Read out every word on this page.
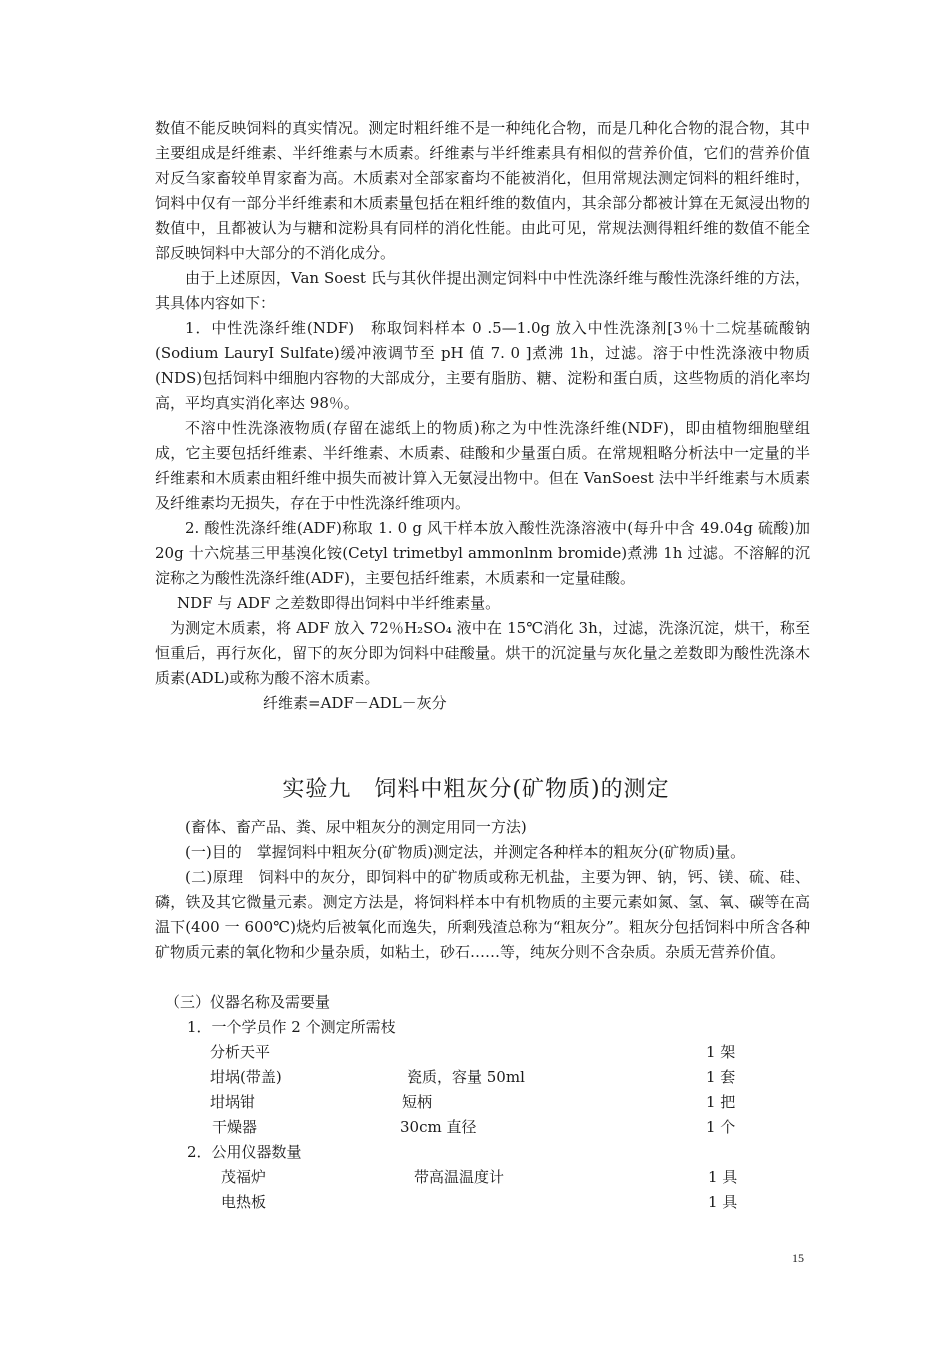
数值不能反映饲料的真实情况。测定时粗纤维不是一种纯化合物，而是几种化合物的混合物，其中主要组成是纤维素、半纤维素与木质素。纤维素与半纤维素具有相似的营养价值，它们的营养价值对反刍家畜较单胃家畜为高。木质素对全部家畜均不能被消化，但用常规法测定饲料的粗纤维时，饲料中仅有一部分半纤维素和木质素量包括在粗纤维的数值内，其余部分都被计算在无氮浸出物的数值中，且都被认为与糖和淀粉具有同样的消化性能。由此可见，常规法测得粗纤维的数值不能全部反映饲料中大部分的不消化成分。

由于上述原因，Van Soest 氏与其伙伴提出测定饲料中中性洗涤纤维与酸性洗涤纤维的方法，其具体内容如下：

1．中性洗涤纤维(NDF)　称取饲料样本 0 .5—1.0g 放入中性洗涤剂[3％十二烷基硫酸钠(Sodium LauryI Sulfate)缓冲液调节至 pH 值 7. 0 ]煮沸 1h，过滤。溶于中性洗涤液中物质(NDS)包括饲料中细胞内容物的大部成分，主要有脂肪、糖、淀粉和蛋白质，这些物质的消化率均高，平均真实消化率达 98％。

不溶中性洗涤液物质(存留在滤纸上的物质)称之为中性洗涤纤维(NDF)，即由植物细胞壁组成，它主要包括纤维素、半纤维素、木质素、硅酸和少量蛋白质。在常规粗略分析法中一定量的半纤维素和木质素由粗纤维中损失而被计算入无氨浸出物中。但在 VanSoest 法中半纤维素与木质素及纤维素均无损失，存在于中性洗涤纤维项内。

2. 酸性洗涤纤维(ADF)称取 1. 0 g 风干样本放入酸性洗涤溶液中(每升中含 49.04g 硫酸)加 20g 十六烷基三甲基溴化铵(Cetyl trimetbyl ammonlnm bromide)煮沸 1h 过滤。不溶解的沉淀称之为酸性洗涤纤维(ADF)，主要包括纤维素，木质素和一定量硅酸。

NDF 与 ADF 之差数即得出饲料中半纤维素量。

为测定木质素，将 ADF 放入 72％H₂SO₄ 液中在 15℃消化 3h，过滤，洗涤沉淀，烘干，称至恒重后，再行灰化，留下的灰分即为饲料中硅酸量。烘干的沉淀量与灰化量之差数即为酸性洗涤木质素(ADL)或称为酸不溶木质素。

纤维素=ADF－ADL－灰分
实验九　饲料中粗灰分(矿物质)的测定

(畜体、畜产品、粪、尿中粗灰分的测定用同一方法)

(一)目的　掌握饲料中粗灰分(矿物质)测定法，并测定各种样本的粗灰分(矿物质)量。

(二)原理　饲料中的灰分，即饲料中的矿物质或称无机盐，主要为钾、钠，钙、镁、硫、硅、磷，铁及其它微量元素。测定方法是，将饲料样本中有机物质的主要元素如氮、氢、氧、碳等在高温下(400 一 600℃)烧灼后被氧化而逸失，所剩残渣总称为“粗灰分”。粗灰分包括饲料中所含各种矿物质元素的氧化物和少量杂质，如粘土，砂石……等，纯灰分则不含杂质。杂质无营养价值。

（三）仪器名称及需要量

1．一个学员作 2 个测定所需枝

分析天平	1 架
坩埚(带盖)	瓷质，容量 50ml	1 套
坩埚钳	短柄	1 把
干燥器	30cm 直径	1 个

2．公用仪器数量

茂福炉	带高温温度计	1 具
电热板	1 具
15
